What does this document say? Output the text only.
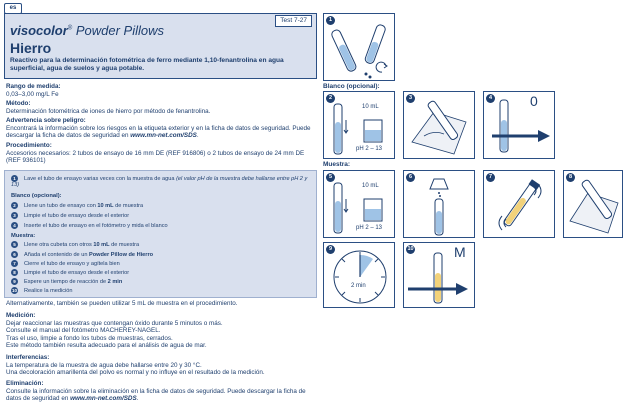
es
Test 7-27
visocolor® Powder Pillows
Hierro
Reactivo para la determinación fotométrica de ferro mediante 1,10-fenantrolina en agua superficial, agua de suelos y agua potable.
Rango de medida:
0,03–3,00 mg/L Fe
Método:
Determinación fotométrica de iones de hierro por método de fenantrolina.
Advertencia sobre peligro:
Encontrará la información sobre los riesgos en la etiqueta exterior y en la ficha de datos de seguridad. Puede descargar la ficha de datos de seguridad en www.mn-net.com/SDS.
Procedimiento:
Accesorios necesarios: 2 tubos de ensayo de 16 mm DE (REF 916806) o 2 tubos de ensayo de 24 mm DE (REF 936101)
1 Lave el tubo de ensayo varias veces con la muestra de agua (el valor pH de la muestra debe hallarse entre pH 2 y 13)
Blanco (opcional):
2 Llene un tubo de ensayo con 10 mL de muestra
3 Limpie el tubo de ensayo desde el exterior
4 Inserte el tubo de ensayo en el fotómetro y mida el blanco
Muestra:
5 Llene otra cubeta con otros 10 mL de muestra
6 Añada el contenido de un Powder Pillow de Hierro
7 Cierre el tubo de ensayo y agítela bien
8 Limpie el tubo de ensayo desde el exterior
9 Espere un tiempo de reacción de 2 min
10 Realice la medición
Alternativamente, también se pueden utilizar 5 mL de muestra en el procedimiento.
Medición:
Dejar reaccionar las muestras que contengan óxido durante 5 minutos o más.
Consulte el manual del fotómetro MACHEREY-NAGEL.
Tras el uso, limpie a fondo los tubos de muestras, cerrados.
Este método también resulta adecuado para el análisis de agua de mar.
Interferencias:
La temperatura de la muestra de agua debe hallarse entre 20 y 30 °C.
Una decoloración amarillenta del polvo es normal y no influye en el resultado de la medición.
Eliminación:
Consulte la información sobre la eliminación en la ficha de datos de seguridad. Puede descargar la ficha de
datos de seguridad en www.mn-net.com/SDS.
1
Blanco (opcional):
2
10 mL
pH 2 – 13
3	4	0
Muestra:
5
10 mL
pH 2 – 13
6	7	8
9
2 min
10	M
